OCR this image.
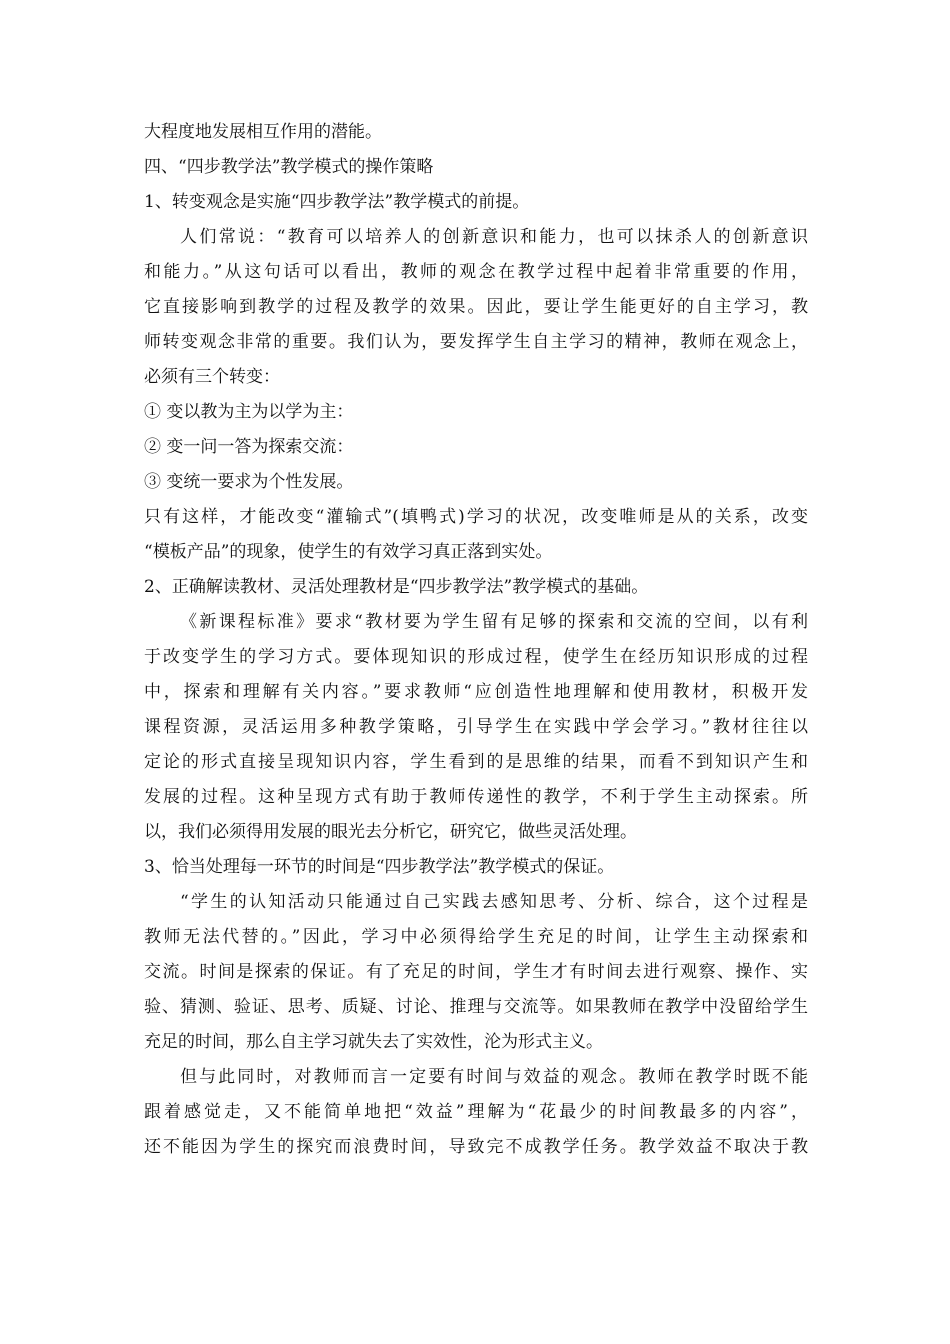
大程度地发展相互作用的潜能。
四、“四步教学法”教学模式的操作策略
1、转变观念是实施“四步教学法”教学模式的前提。
人们常说：“教育可以培养人的创新意识和能力，也可以抹杀人的创新意识
和能力。”从这句话可以看出，教师的观念在教学过程中起着非常重要的作用，
它直接影响到教学的过程及教学的效果。因此，要让学生能更好的自主学习，教
师转变观念非常的重要。我们认为，要发挥学生自主学习的精神，教师在观念上，
必须有三个转变：
① 变以教为主为以学为主：
② 变一问一答为探索交流：
③ 变统一要求为个性发展。
只有这样，才能改变“灌输式”(填鸭式)学习的状况，改变唯师是从的关系，改变
“模板产品”的现象，使学生的有效学习真正落到实处。
2、正确解读教材、灵活处理教材是“四步教学法”教学模式的基础。
《新课程标准》要求“教材要为学生留有足够的探索和交流的空间，以有利
于改变学生的学习方式。要体现知识的形成过程，使学生在经历知识形成的过程
中，探索和理解有关内容。”要求教师“应创造性地理解和使用教材，积极开发
课程资源，灵活运用多种教学策略，引导学生在实践中学会学习。”教材往往以
定论的形式直接呈现知识内容，学生看到的是思维的结果，而看不到知识产生和
发展的过程。这种呈现方式有助于教师传递性的教学，不利于学生主动探索。所
以，我们必须得用发展的眼光去分析它，研究它，做些灵活处理。
3、恰当处理每一环节的时间是“四步教学法”教学模式的保证。
“学生的认知活动只能通过自己实践去感知思考、分析、综合，这个过程是
教师无法代替的。”因此，学习中必须得给学生充足的时间，让学生主动探索和
交流。时间是探索的保证。有了充足的时间，学生才有时间去进行观察、操作、实
验、猜测、验证、思考、质疑、讨论、推理与交流等。如果教师在教学中没留给学生
充足的时间，那么自主学习就失去了实效性，沦为形式主义。
但与此同时，对教师而言一定要有时间与效益的观念。教师在教学时既不能
跟着感觉走，又不能简单地把“效益”理解为“花最少的时间教最多的内容”，
还不能因为学生的探究而浪费时间，导致完不成教学任务。教学效益不取决于教
